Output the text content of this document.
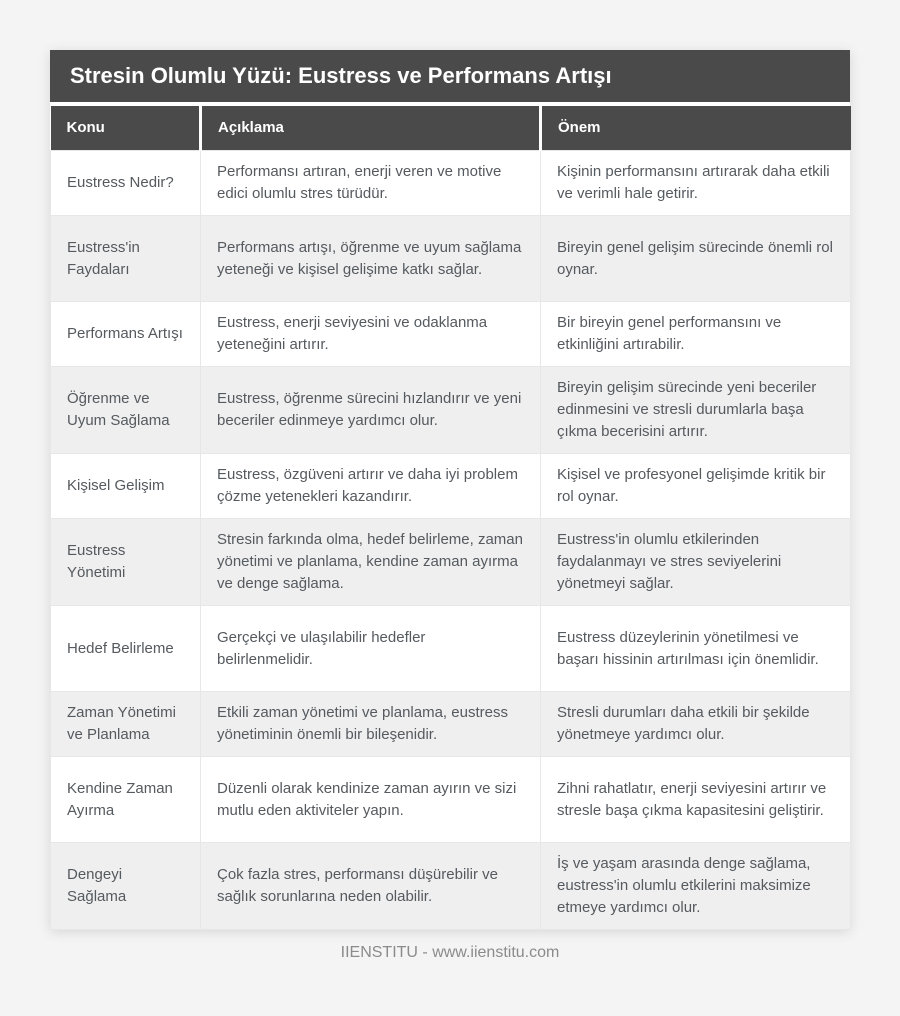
Stresin Olumlu Yüzü: Eustress ve Performans Artışı
Konu	Açıklama	Önem
Eustress Nedir?	Performansı artıran, enerji veren ve motive edici olumlu stres türüdür.	Kişinin performansını artırarak daha etkili ve verimli hale getirir.
Eustress'in Faydaları	Performans artışı, öğrenme ve uyum sağlama yeteneği ve kişisel gelişime katkı sağlar.	Bireyin genel gelişim sürecinde önemli rol oynar.
Performans Artışı	Eustress, enerji seviyesini ve odaklanma yeteneğini artırır.	Bir bireyin genel performansını ve etkinliğini artırabilir.
Öğrenme ve Uyum Sağlama	Eustress, öğrenme sürecini hızlandırır ve yeni beceriler edinmeye yardımcı olur.	Bireyin gelişim sürecinde yeni beceriler edinmesini ve stresli durumlarla başa çıkma becerisini artırır.
Kişisel Gelişim	Eustress, özgüveni artırır ve daha iyi problem çözme yetenekleri kazandırır.	Kişisel ve profesyonel gelişimde kritik bir rol oynar.
Eustress Yönetimi	Stresin farkında olma, hedef belirleme, zaman yönetimi ve planlama, kendine zaman ayırma ve denge sağlama.	Eustress'in olumlu etkilerinden faydalanmayı ve stres seviyelerini yönetmeyi sağlar.
Hedef Belirleme	Gerçekçi ve ulaşılabilir hedefler belirlenmelidir.	Eustress düzeylerinin yönetilmesi ve başarı hissinin artırılması için önemlidir.
Zaman Yönetimi ve Planlama	Etkili zaman yönetimi ve planlama, eustress yönetiminin önemli bir bileşenidir.	Stresli durumları daha etkili bir şekilde yönetmeye yardımcı olur.
Kendine Zaman Ayırma	Düzenli olarak kendinize zaman ayırın ve sizi mutlu eden aktiviteler yapın.	Zihni rahatlatır, enerji seviyesini artırır ve stresle başa çıkma kapasitesini geliştirir.
Dengeyi Sağlama	Çok fazla stres, performansı düşürebilir ve sağlık sorunlarına neden olabilir.	İş ve yaşam arasında denge sağlama, eustress'in olumlu etkilerini maksimize etmeye yardımcı olur.
IIENSTITU - www.iienstitu.com
